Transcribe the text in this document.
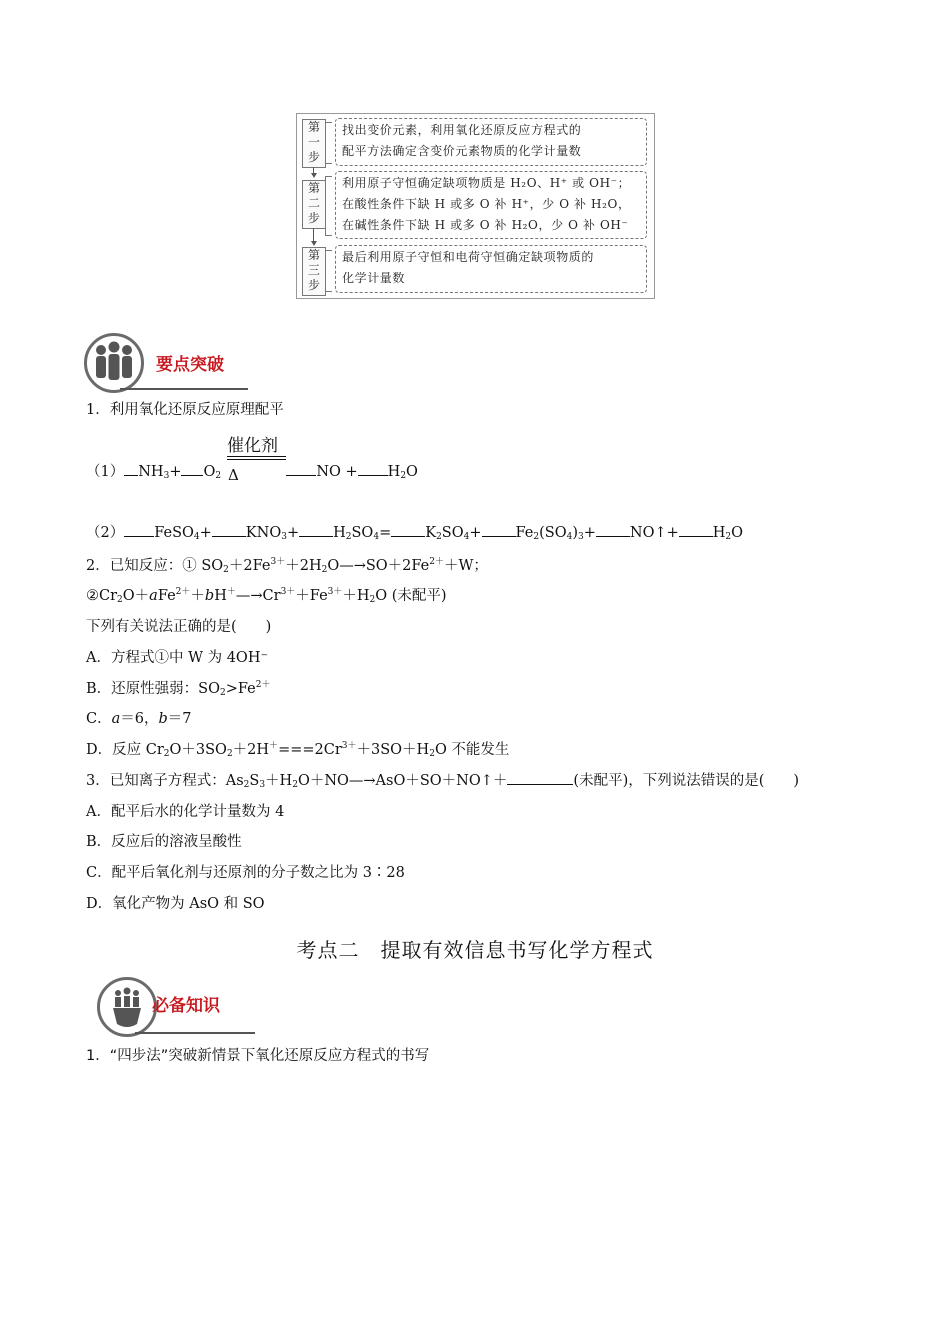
第
一
步
找出变价元素，利用氧化还原反应方程式的
配平方法确定含变价元素物质的化学计量数
第
二
步
利用原子守恒确定缺项物质是 H₂O、H⁺ 或 OH⁻；
在酸性条件下缺 H 或多 O 补 H⁺，少 O 补 H₂O，
在碱性条件下缺 H 或多 O 补 H₂O，少 O 补 OH⁻
第
三
步
最后利用原子守恒和电荷守恒确定缺项物质的
化学计量数
要点突破
1．利用氧化还原反应原理配平
催化剂
Δ
（1） $NH_3+ O_2$	NO + $H_2O$
（2） FeSO$_4$+ $KNO_3+ H_2SO_4= K_2SO_4+ Fe_2(SO_4)_3+$ NO↑+ $H_2O$
2．已知反应：① $SO_2+2Fe^{3+}+2H_2O—\to SO+2Fe^{2+}+W$；
$②Cr_2O+aFe^{2+}+bH^+—\to Cr^{3+}+Fe^{3+}+H_2O$ (未配平)
下列有关说法正确的是(　　)
A．方程式①中 W 为 4OH⁻
B．还原性强弱：$SO_2>Fe^{2+}$
C．a＝6，b＝7
D．反应 $Cr_2O+3SO_2+2H^+===2Cr^{3+}+3SO+H_2O$ 不能发生
3．已知离子方程式：$As_2S_3+H_2O+NO—\to AsO+SO+NO↑+$	(未配平)，下列说法错误的是(　　)
A．配平后水的化学计量数为 4
B．反应后的溶液呈酸性
C．配平后氧化剂与还原剂的分子数之比为 3∶28
D．氧化产物为 AsO 和 SO
考点二　提取有效信息书写化学方程式
必备知识
1．“四步法”突破新情景下氧化还原反应方程式的书写
